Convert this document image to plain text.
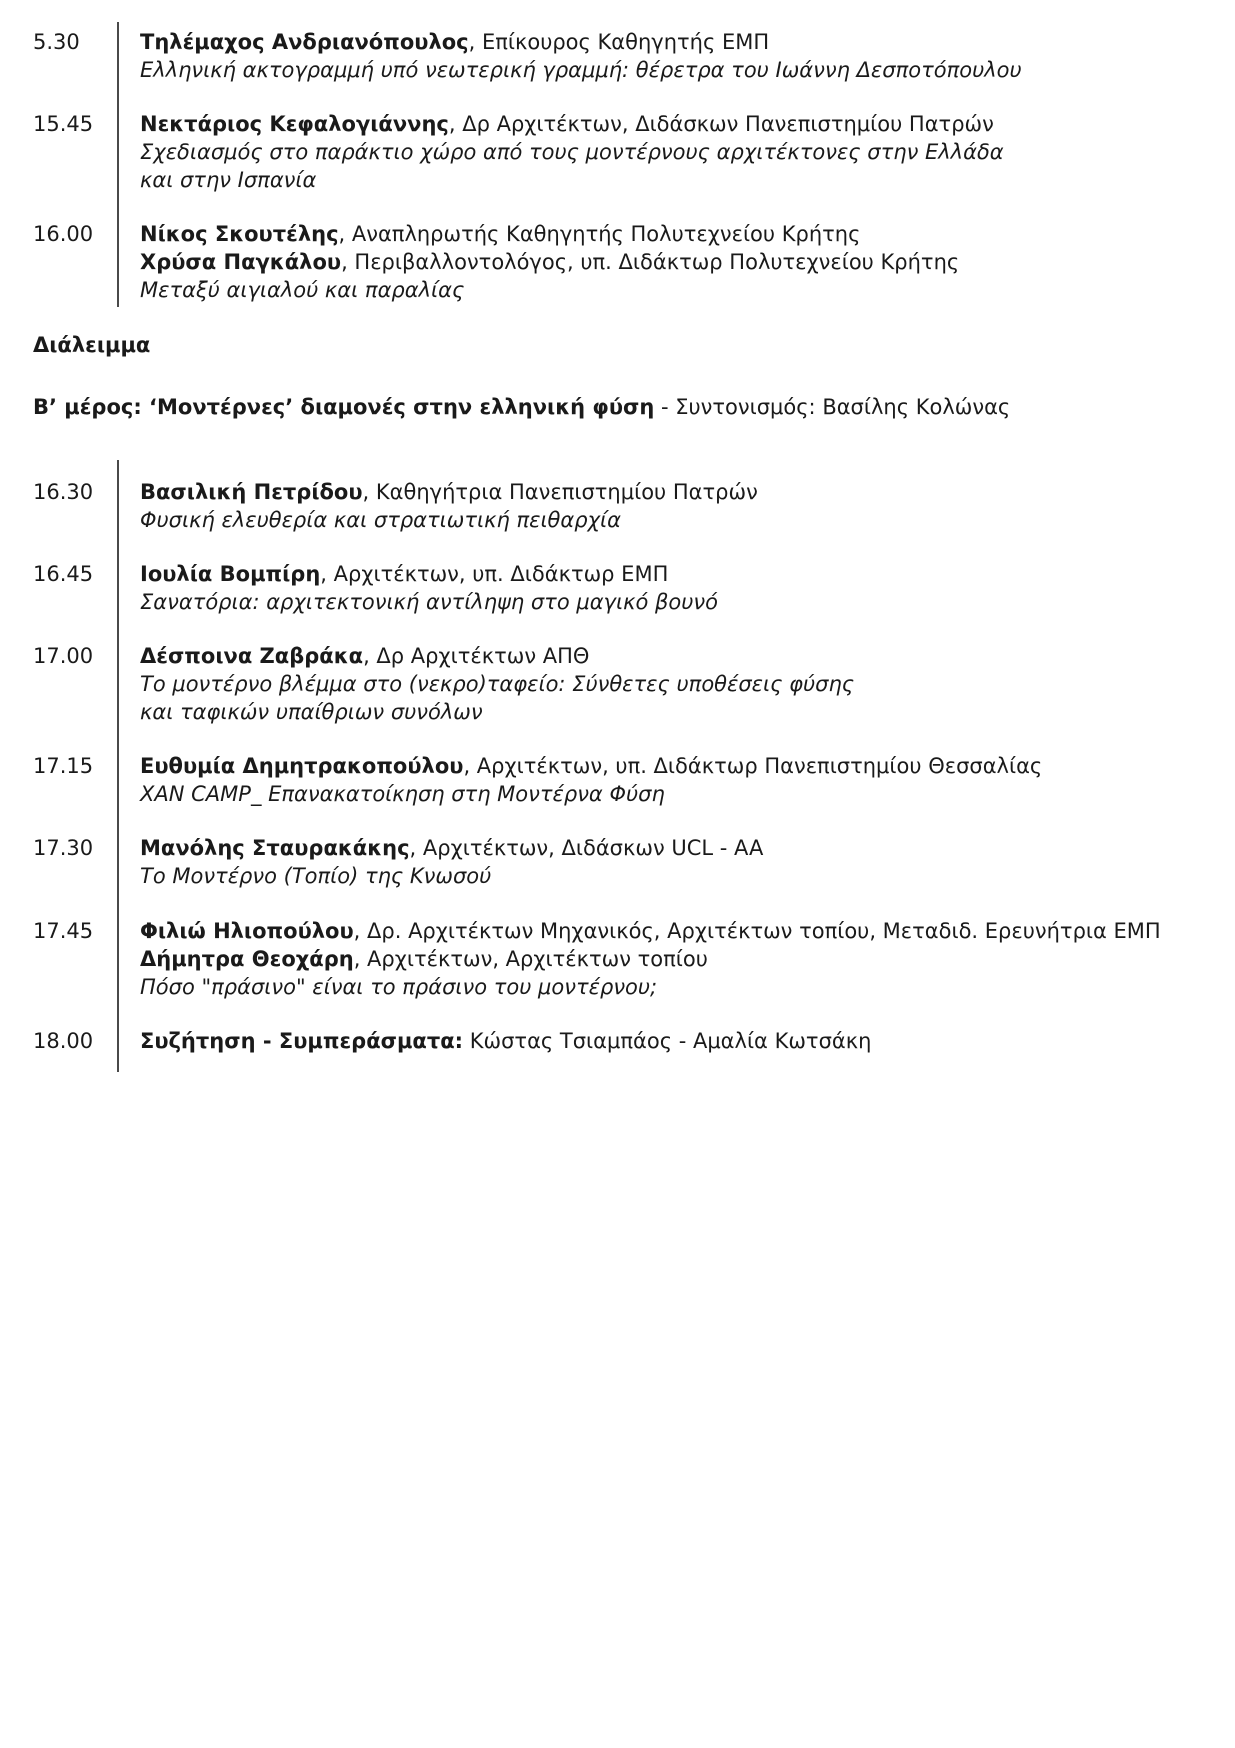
5.30	Τηλέμαχος Ανδριανόπουλος, Επίκουρος Καθηγητής ΕΜΠ
Ελληνική ακτογραμμή υπό νεωτερική γραμμή: θέρετρα του Ιωάννη Δεσποτόπουλου
15.45 Νεκτάριος Κεφαλογιάννης, Δρ Αρχιτέκτων, Διδάσκων Πανεπιστημίου Πατρών
Σχεδιασμός στο παράκτιο χώρο από τους μοντέρνους αρχιτέκτονες στην Ελλάδα
και στην Ισπανία
16.00 Νίκος Σκουτέλης, Αναπληρωτής Καθηγητής Πολυτεχνείου Κρήτης
Χρύσα Παγκάλου, Περιβαλλοντολόγος, υπ. Διδάκτωρ Πολυτεχνείου Κρήτης
Μεταξύ αιγιαλού και παραλίας
Διάλειμμα
Β’ μέρος: ‘Μοντέρνες’ διαμονές στην ελληνική φύση - Συντονισμός: Βασίλης Κολώνας
16.30 Βασιλική Πετρίδου, Καθηγήτρια Πανεπιστημίου Πατρών
Φυσική ελευθερία και στρατιωτική πειθαρχία
16.45 Ιουλία Βομπίρη, Αρχιτέκτων, υπ. Διδάκτωρ ΕΜΠ
Σανατόρια: αρχιτεκτονική αντίληψη στο μαγικό βουνό
17.00 Δέσποινα Ζαβράκα, Δρ Αρχιτέκτων ΑΠΘ
Το μοντέρνο βλέμμα στο (νεκρο)ταφείο: Σύνθετες υποθέσεις φύσης
και ταφικών υπαίθριων συνόλων
17.15 Ευθυμία Δημητρακοπούλου, Αρχιτέκτων, υπ. Διδάκτωρ Πανεπιστημίου Θεσσαλίας
XAN CAMP_ Επανακατοίκηση στη Μοντέρνα Φύση
17.30 Μανόλης Σταυρακάκης, Αρχιτέκτων, Διδάσκων UCL - AA
Το Μοντέρνο (Τοπίο) της Κνωσού
17.45 Φιλιώ Ηλιοπούλου, Δρ. Αρχιτέκτων Μηχανικός, Αρχιτέκτων τοπίου, Μεταδιδ. Ερευνήτρια ΕΜΠ
Δήμητρα Θεοχάρη, Αρχιτέκτων, Αρχιτέκτων τοπίου
Πόσο "πράσινο" είναι το πράσινο του μοντέρνου;
18.00 Συζήτηση - Συμπεράσματα: Κώστας Τσιαμπάος - Αμαλία Κωτσάκη
